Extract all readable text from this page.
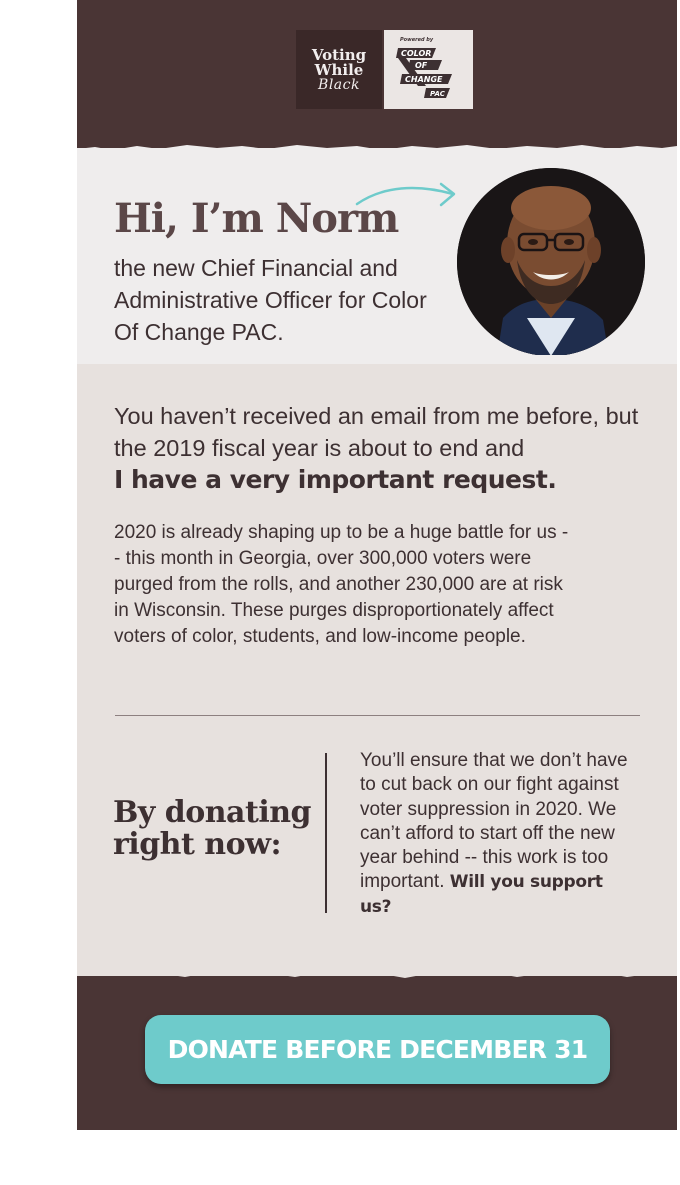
Voting
While
Black
Powered by
COLOR
OF
CHANGE
PAC
Hi, I’m Norm
the new Chief Financial and Administrative Officer for Color Of Change PAC.
You haven’t received an email from me before, but the 2019 fiscal year is about to end and
I have a very important request.
2020 is already shaping up to be a huge battle for us -- this month in Georgia, over 300,000 voters were purged from the rolls, and another 230,000 are at risk in Wisconsin. These purges disproportionately affect voters of color, students, and low-income people.
By donating right now:
You’ll ensure that we don’t have to cut back on our fight against voter suppression in 2020. We can’t afford to start off the new year behind -- this work is too important. Will you support us?
DONATE BEFORE DECEMBER 31
